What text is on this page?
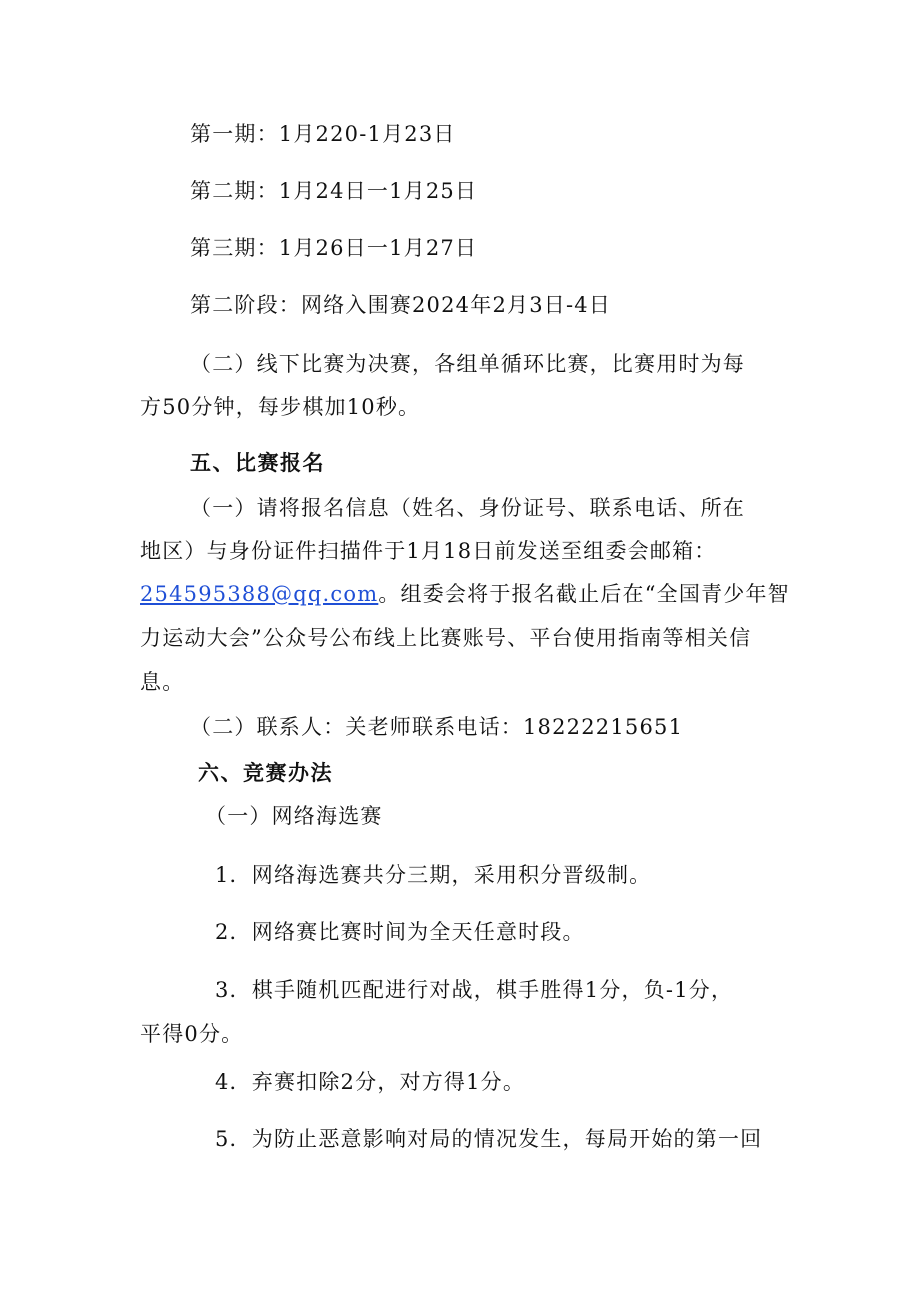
第一期：1月220-1月23日
第二期：1月24日一1月25日
第三期：1月26日一1月27日
第二阶段：网络入围赛2024年2月3日-4日
（二）线下比赛为决赛，各组单循环比赛，比赛用时为每
方50分钟，每步棋加10秒。
五、比赛报名
（一）请将报名信息（姓名、身份证号、联系电话、所在
地区）与身份证件扫描件于1月18日前发送至组委会邮箱：
254595388@qq.com。组委会将于报名截止后在“全国青少年智
力运动大会”公众号公布线上比赛账号、平台使用指南等相关信
息。
（二）联系人：关老师联系电话：18222215651
六、竞赛办法
（一）网络海选赛
1．网络海选赛共分三期，采用积分晋级制。
2．网络赛比赛时间为全天任意时段。
3．棋手随机匹配进行对战，棋手胜得1分，负-1分，
平得0分。
4．弃赛扣除2分，对方得1分。
5．为防止恶意影响对局的情况发生，每局开始的第一回
